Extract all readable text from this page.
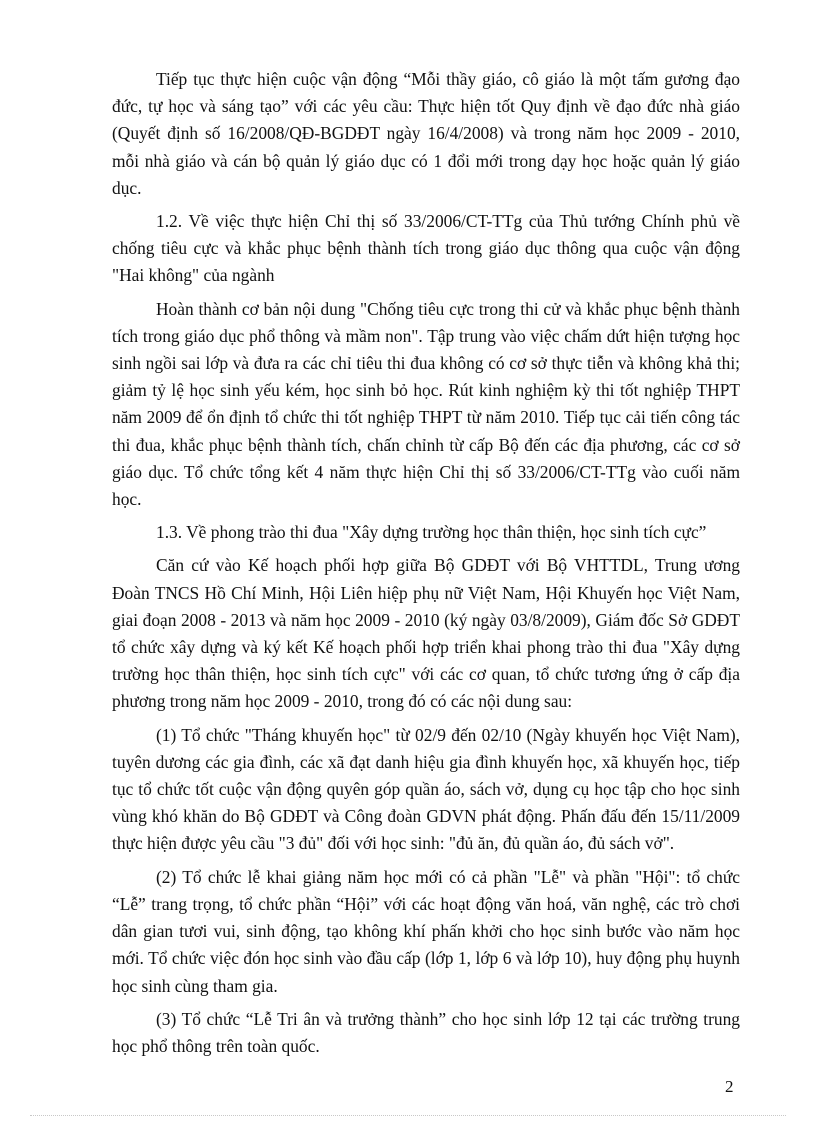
Tiếp tục thực hiện cuộc vận động “Mỗi thầy giáo, cô giáo là một tấm gương đạo đức, tự học và sáng tạo” với các yêu cầu: Thực hiện tốt Quy định về đạo đức nhà giáo (Quyết định số 16/2008/QĐ-BGDĐT ngày 16/4/2008) và trong năm học 2009 - 2010, mỗi nhà giáo và cán bộ quản lý giáo dục có 1 đổi mới trong dạy học hoặc quản lý giáo dục.

1.2. Về việc thực hiện Chỉ thị số 33/2006/CT-TTg của Thủ tướng Chính phủ về chống tiêu cực và khắc phục bệnh thành tích trong giáo dục thông qua cuộc vận động "Hai không" của ngành

Hoàn thành cơ bản nội dung "Chống tiêu cực trong thi cử và khắc phục bệnh thành tích trong giáo dục phổ thông và mầm non". Tập trung vào việc chấm dứt hiện tượng học sinh ngồi sai lớp và đưa ra các chỉ tiêu thi đua không có cơ sở thực tiễn và không khả thi; giảm tỷ lệ học sinh yếu kém, học sinh bỏ học. Rút kinh nghiệm kỳ thi tốt nghiệp THPT năm 2009 để ổn định tổ chức thi tốt nghiệp THPT từ năm 2010. Tiếp tục cải tiến công tác thi đua, khắc phục bệnh thành tích, chấn chỉnh từ cấp Bộ đến các địa phương, các cơ sở giáo dục. Tổ chức tổng kết 4 năm thực hiện Chỉ thị số 33/2006/CT-TTg vào cuối năm học.

1.3. Về phong trào thi đua "Xây dựng trường học thân thiện, học sinh tích cực”

Căn cứ vào Kế hoạch phối hợp giữa Bộ GDĐT với Bộ VHTTDL, Trung ương Đoàn TNCS Hồ Chí Minh, Hội Liên hiệp phụ nữ Việt Nam, Hội Khuyến học Việt Nam, giai đoạn 2008 - 2013 và năm học 2009 - 2010 (ký ngày 03/8/2009), Giám đốc Sở GDĐT tổ chức xây dựng và ký kết Kế hoạch phối hợp triển khai phong trào thi đua "Xây dựng trường học thân thiện, học sinh tích cực" với các cơ quan, tổ chức tương ứng ở cấp địa phương trong năm học 2009 - 2010, trong đó có các nội dung sau:

(1) Tổ chức "Tháng khuyến học" từ 02/9 đến 02/10 (Ngày khuyến học Việt Nam), tuyên dương các gia đình, các xã đạt danh hiệu gia đình khuyến học, xã khuyến học, tiếp tục tổ chức tốt cuộc vận động quyên góp quần áo, sách vở, dụng cụ học tập cho học sinh vùng khó khăn do Bộ GDĐT và Công đoàn GDVN phát động. Phấn đấu đến 15/11/2009 thực hiện được yêu cầu "3 đủ" đối với học sinh: "đủ ăn, đủ quần áo, đủ sách vở".

(2) Tổ chức lễ khai giảng năm học mới có cả phần "Lễ" và phần "Hội": tổ chức “Lễ” trang trọng, tổ chức phần “Hội” với các hoạt động văn hoá, văn nghệ, các trò chơi dân gian tươi vui, sinh động, tạo không khí phấn khởi cho học sinh bước vào năm học mới. Tổ chức việc đón học sinh vào đầu cấp (lớp 1, lớp 6 và lớp 10), huy động phụ huynh học sinh cùng tham gia.

(3) Tổ chức “Lễ Tri ân và trưởng thành” cho học sinh lớp 12 tại các trường trung học phổ thông trên toàn quốc.

2
